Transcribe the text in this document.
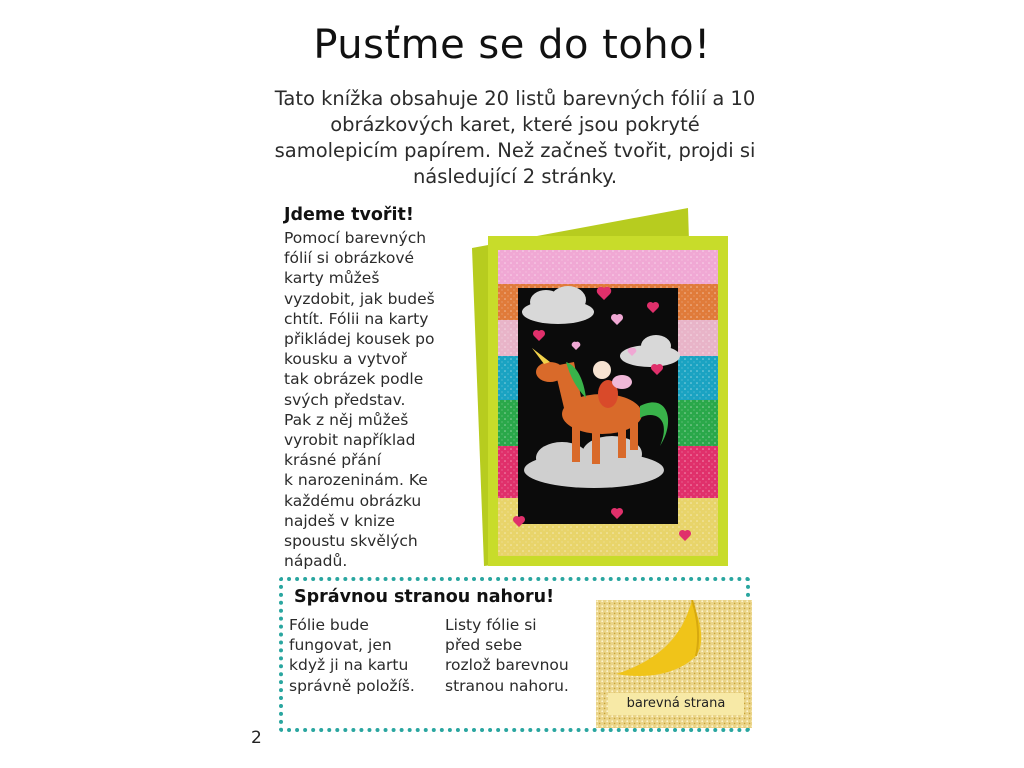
Pusťme se do toho!
Tato knížka obsahuje 20 listů barevných fólií a 10 obrázkových karet, které jsou pokryté samolepicím papírem. Než začneš tvořit, projdi si následující 2 stránky.
Jdeme tvořit!
Pomocí barevných
fólií si obrázkové
karty můžeš
vyzdobit, jak budeš
chtít. Fólii na karty
přikládej kousek po
kousku a vytvoř
tak obrázek podle
svých představ.
Pak z něj můžeš
vyrobit například
krásné přání
k narozeninám. Ke
každému obrázku
najdeš v knize
spoustu skvělých
nápadů.
Správnou stranou nahoru!
Fólie bude
fungovat, jen
když ji na kartu
správně položíš.
Listy fólie si
před sebe
rozlož barevnou
stranou nahoru.
barevná strana
2
